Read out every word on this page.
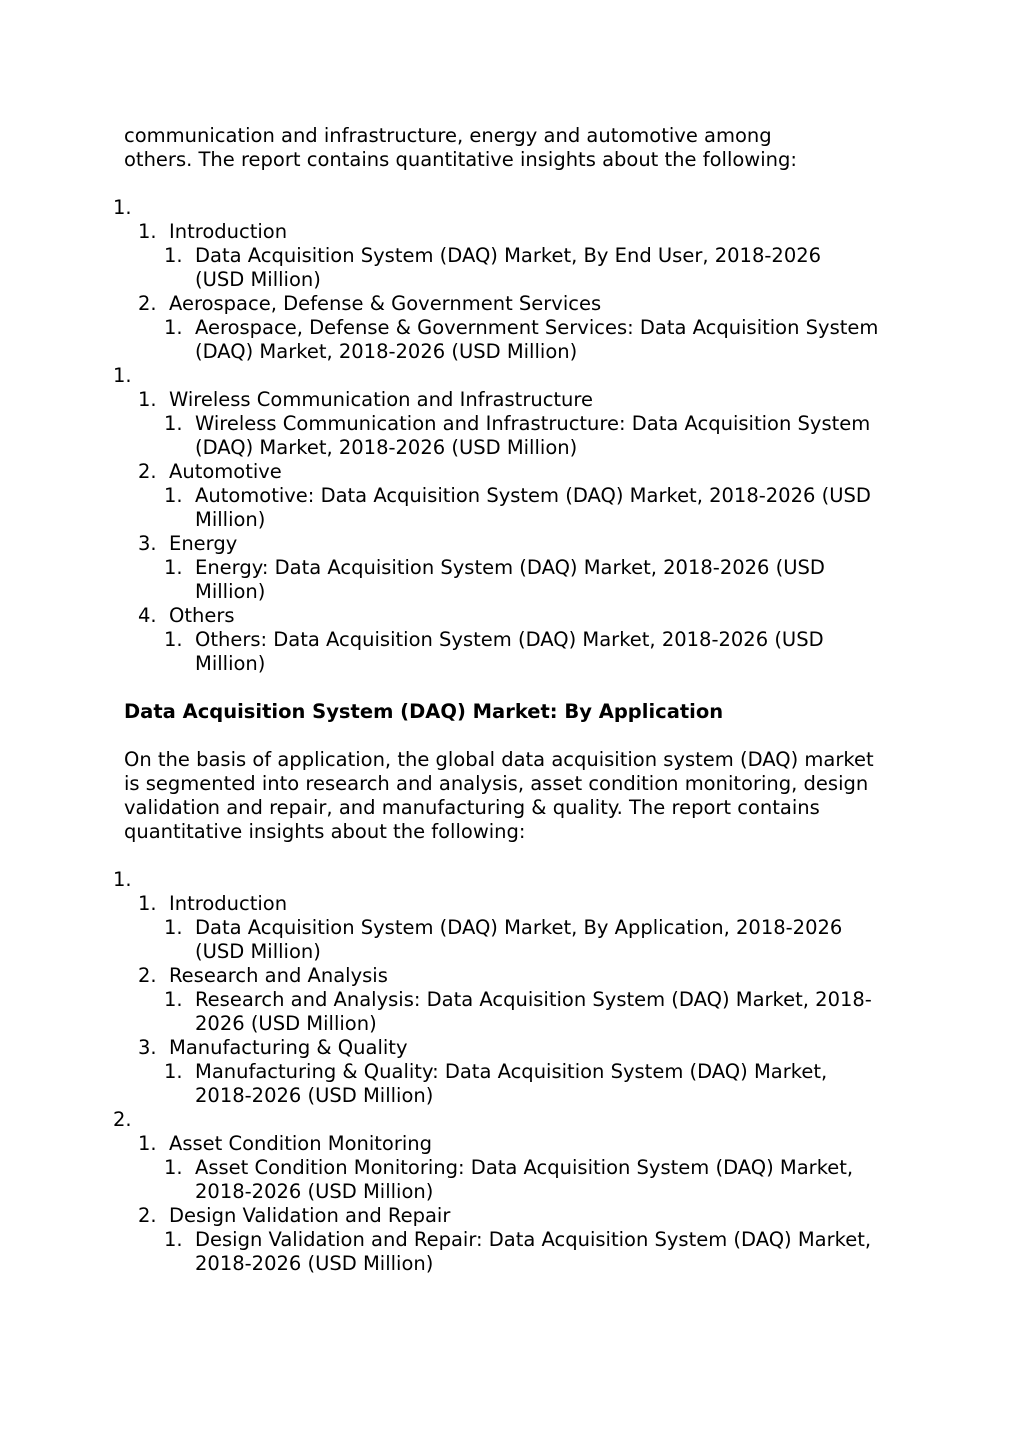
communication and infrastructure, energy and automotive among
others. The report contains quantitative insights about the following:
1.
1. Introduction
1. Data Acquisition System (DAQ) Market, By End User, 2018-2026
(USD Million)
2. Aerospace, Defense & Government Services
1. Aerospace, Defense & Government Services: Data Acquisition System
(DAQ) Market, 2018-2026 (USD Million)
1.
1. Wireless Communication and Infrastructure
1. Wireless Communication and Infrastructure: Data Acquisition System
(DAQ) Market, 2018-2026 (USD Million)
2. Automotive
1. Automotive: Data Acquisition System (DAQ) Market, 2018-2026 (USD
Million)
3. Energy
1. Energy: Data Acquisition System (DAQ) Market, 2018-2026 (USD
Million)
4. Others
1. Others: Data Acquisition System (DAQ) Market, 2018-2026 (USD
Million)
Data Acquisition System (DAQ) Market: By Application
On the basis of application, the global data acquisition system (DAQ) market
is segmented into research and analysis, asset condition monitoring, design
validation and repair, and manufacturing & quality. The report contains
quantitative insights about the following:
1.
1. Introduction
1. Data Acquisition System (DAQ) Market, By Application, 2018-2026
(USD Million)
2. Research and Analysis
1. Research and Analysis: Data Acquisition System (DAQ) Market, 2018-
2026 (USD Million)
3. Manufacturing & Quality
1. Manufacturing & Quality: Data Acquisition System (DAQ) Market,
2018-2026 (USD Million)
2.
1. Asset Condition Monitoring
1. Asset Condition Monitoring: Data Acquisition System (DAQ) Market,
2018-2026 (USD Million)
2. Design Validation and Repair
1. Design Validation and Repair: Data Acquisition System (DAQ) Market,
2018-2026 (USD Million)
